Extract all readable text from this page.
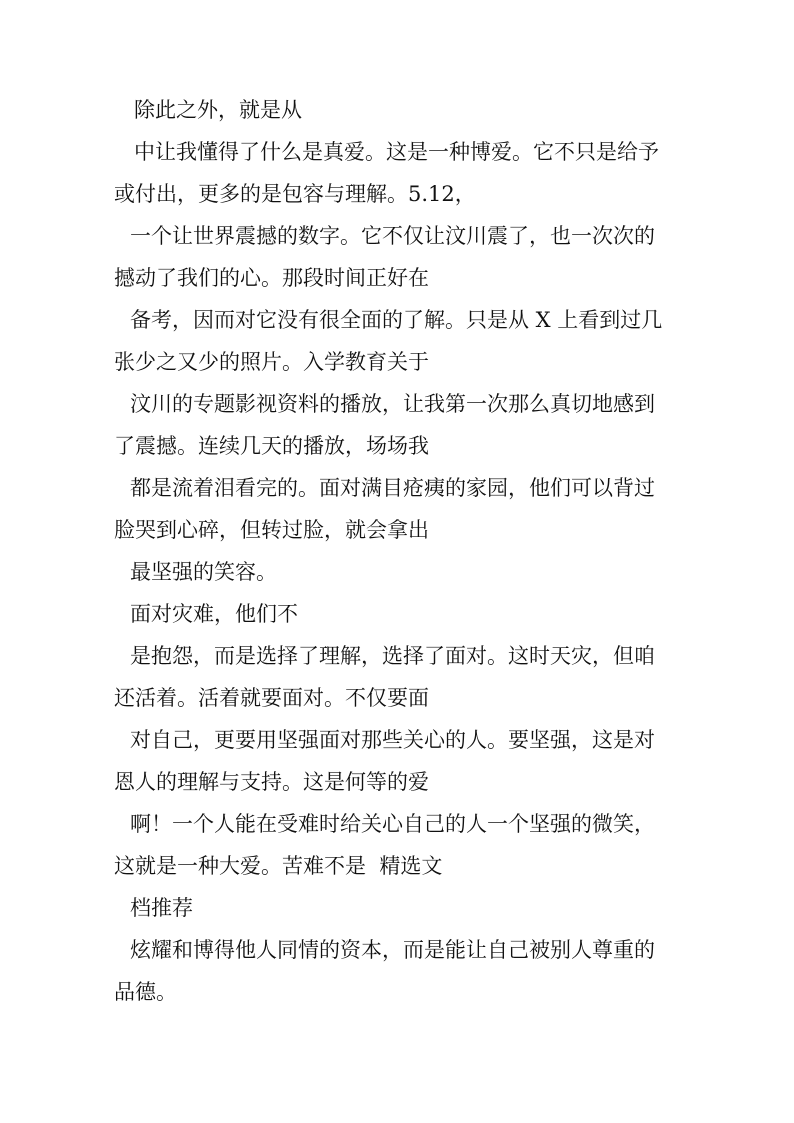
除此之外，就是从
中让我懂得了什么是真爱。这是一种博爱。它不只是给予
或付出，更多的是包容与理解。5.12，
一个让世界震撼的数字。它不仅让汶川震了，也一次次的
撼动了我们的心。那段时间正好在
备考，因而对它没有很全面的了解。只是从 X 上看到过几
张少之又少的照片。入学教育关于
汶川的专题影视资料的播放，让我第一次那么真切地感到
了震撼。连续几天的播放，场场我
都是流着泪看完的。面对满目疮痍的家园，他们可以背过
脸哭到心碎，但转过脸，就会拿出
最坚强的笑容。
面对灾难，他们不
是抱怨，而是选择了理解，选择了面对。这时天灾，但咱
还活着。活着就要面对。不仅要面
对自己，更要用坚强面对那些关心的人。要坚强，这是对
恩人的理解与支持。这是何等的爱
啊！一个人能在受难时给关心自己的人一个坚强的微笑，
这就是一种大爱。苦难不是  精选文
档推荐
炫耀和博得他人同情的资本，而是能让自己被别人尊重的
品德。
